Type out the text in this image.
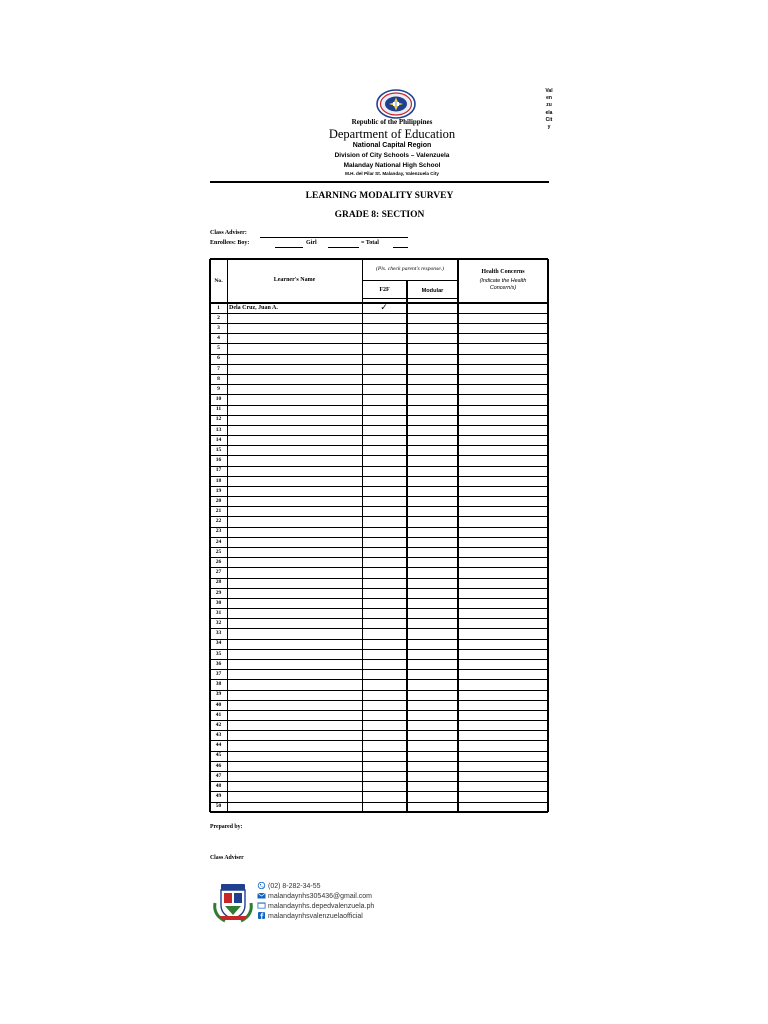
Republic of the Philippines
Department of Education
National Capital Region
Division of City Schools – Valenzuela
Malanday National High School
M.H. del Pilar St. Malanday, Valenzuela City
ValenzuelaCity
LEARNING MODALITY SURVEY
GRADE 8: SECTION
Class Adviser:
Enrollees: Boy:	Girl	= Total
No.	Learner's Name
(Pls. check parent's response.)
F2F	Modular
Health Concerns
(Indicate the Health
Concern/s)
1	Dela Cruz, Juan A.	✓
2
3
4
5
6
7
8
9
10
11
12
13
14
15
16
17
18
19
20
21
22
23
24
25
26
27
28
29
30
31
32
33
34
35
36
37
38
39
40
41
42
43
44
45
46
47
48
49
50
Prepared by:
Class Adviser
(02) 8-282-34-55
malandaynhs305436@gmail.com
malandaynhs.depedvalenzuela.ph
malandaynhsvalenzuelaofficial
